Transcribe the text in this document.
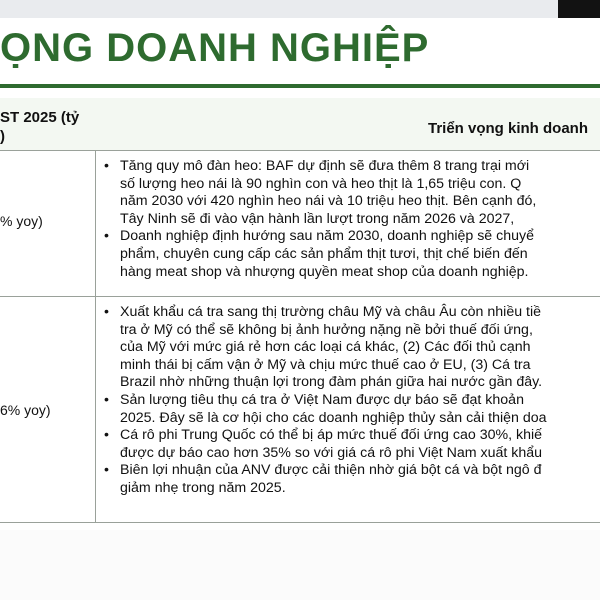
ỌNG DOANH NGHIỆP
ST 2025 (tỷ
)	Triển vọng kinh doanh
% yoy)
• Tăng quy mô đàn heo: BAF dự định sẽ đưa thêm 8 trang trại mới
số lượng heo nái là 90 nghìn con và heo thịt là 1,65 triệu con. Q
năm 2030 với 420 nghìn heo nái và 10 triệu heo thịt. Bên cạnh đó,
Tây Ninh sẽ đi vào vận hành lần lượt trong năm 2026 và 2027,
• Doanh nghiệp định hướng sau năm 2030, doanh nghiệp sẽ chuyể
phẩm, chuyên cung cấp các sản phẩm thịt tươi, thịt chế biến đến
hàng meat shop và nhượng quyền meat shop của doanh nghiệp.
6% yoy)
• Xuất khẩu cá tra sang thị trường châu Mỹ và châu Âu còn nhiều tiề
tra ở Mỹ có thể sẽ không bị ảnh hưởng nặng nề bởi thuế đối ứng,
của Mỹ với mức giá rẻ hơn các loại cá khác, (2) Các đối thủ cạnh
minh thái bị cấm vận ở Mỹ và chịu mức thuế cao ở EU, (3) Cá tra
Brazil nhờ những thuận lợi trong đàm phán giữa hai nước gần đây.
• Sản lượng tiêu thụ cá tra ở Việt Nam được dự báo sẽ đạt khoản
2025. Đây sẽ là cơ hội cho các doanh nghiệp thủy sản cải thiện doa
• Cá rô phi Trung Quốc có thể bị áp mức thuế đối ứng cao 30%, khiế
được dự báo cao hơn 35% so với giá cá rô phi Việt Nam xuất khẩu
• Biên lợi nhuận của ANV được cải thiện nhờ giá bột cá và bột ngô đ
giảm nhẹ trong năm 2025.
